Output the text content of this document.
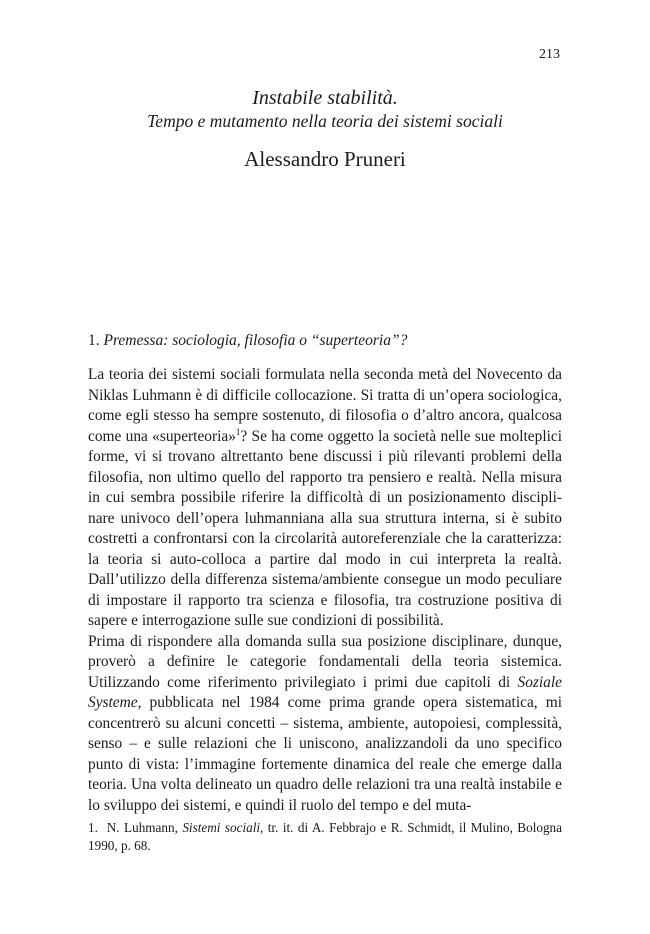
213
Instabile stabilità.
Tempo e mutamento nella teoria dei sistemi sociali
Alessandro Pruneri
1. Premessa: sociologia, filosofia o “superteoria”?

La teoria dei sistemi sociali formulata nella seconda metà del Novecento da Niklas Luhmann è di difficile collocazione. Si tratta di un’opera sociologica, come egli stesso ha sempre sostenuto, di filosofia o d’altro ancora, qualcosa come una «superteoria»$^1$? Se ha come oggetto la società nelle sue molteplici forme, vi si trovano altrettanto bene discussi i più rilevanti problemi della filosofia, non ultimo quello del rapporto tra pensiero e realtà. Nella misura in cui sembra possibile riferire la difficoltà di un posizionamento disciplinare univoco dell’opera luhmanniana alla sua struttura interna, si è subito costretti a confrontarsi con la circolarità autoreferenziale che la caratterizza: la teoria si auto-colloca a partire dal modo in cui interpreta la realtà. Dall’utilizzo della differenza sistema/ambiente consegue un modo peculiare di impostare il rapporto tra scienza e filosofia, tra costruzione positiva di sapere e interrogazione sulle sue condizioni di possibilità.

Prima di rispondere alla domanda sulla sua posizione disciplinare, dunque, proverò a definire le categorie fondamentali della teoria sistemica. Utilizzando come riferimento privilegiato i primi due capitoli di Soziale Systeme, pubblicata nel 1984 come prima grande opera sistematica, mi concentrerò su alcuni concetti – sistema, ambiente, autopoiesi, complessità, senso – e sulle relazioni che li uniscono, analizzandoli da uno specifico punto di vista: l’immagine fortemente dinamica del reale che emerge dalla teoria. Una volta delineato un quadro delle relazioni tra una realtà instabile e lo sviluppo dei sistemi, e quindi il ruolo del tempo e del muta-

1. N. Luhmann, Sistemi sociali, tr. it. di A. Febbrajo e R. Schmidt, il Mulino, Bologna 1990, p. 68.
